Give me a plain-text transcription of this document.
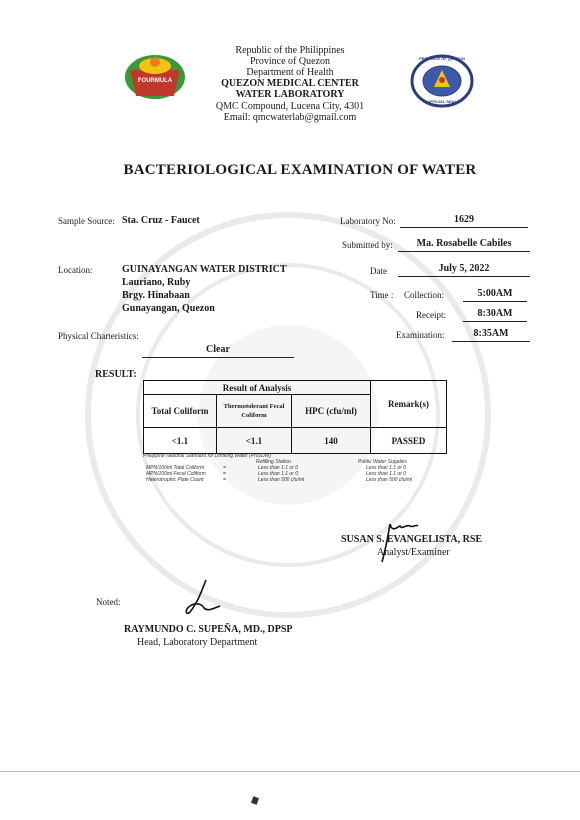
FOURMULA
PROVINCE OF QUEZON
OFFICIAL SEAL
Republic of the Philippines
Province of Quezon
Department of Health
QUEZON MEDICAL CENTER
WATER LABORATORY
QMC Compound, Lucena City, 4301
Email: qmcwaterlab@gmail.com
BACTERIOLOGICAL EXAMINATION OF WATER
Sample Source: Sta. Cruz - Faucet	Laboratory No:	1629
Submitted by:	Ma. Rosabelle Cabiles
Location:	GUINAYANGAN WATER DISTRICT
Lauriano, Ruby
Brgy. Hinabaan
Gunayangan, Quezon
Date	July 5, 2022
Time : Collection:	5:00AM
Receipt:	8:30AM
Examination:	8:35AM
Physical Charteristics:
Clear
RESULT:
Result of Analysis			Remark(s)
Total Coliform	Thermotolerant Fecal Coliform	HPC (cfu/ml)	
<1.1	<1.1	140	PASSED
Philippine National Standard for Drinking Water (PNSDW)
Refilling Station	Public Water Supplies
MPN/100ml Total Coliform	=	Less than 1.1 or 0	Less than 1.1 or 0
MPN/100ml Fecal Coliform	=	Less than 1.1 or 0	Less than 1.1 or 0
Heterotrophic Plate Count	=	Less than 500 cfu/ml	Less than 500 cfu/ml
SUSAN S. EVANGELISTA, RSE
Analyst/Examiner
Noted:
RAYMUNDO C. SUPEÑA, MD., DPSP
Head, Laboratory Department
